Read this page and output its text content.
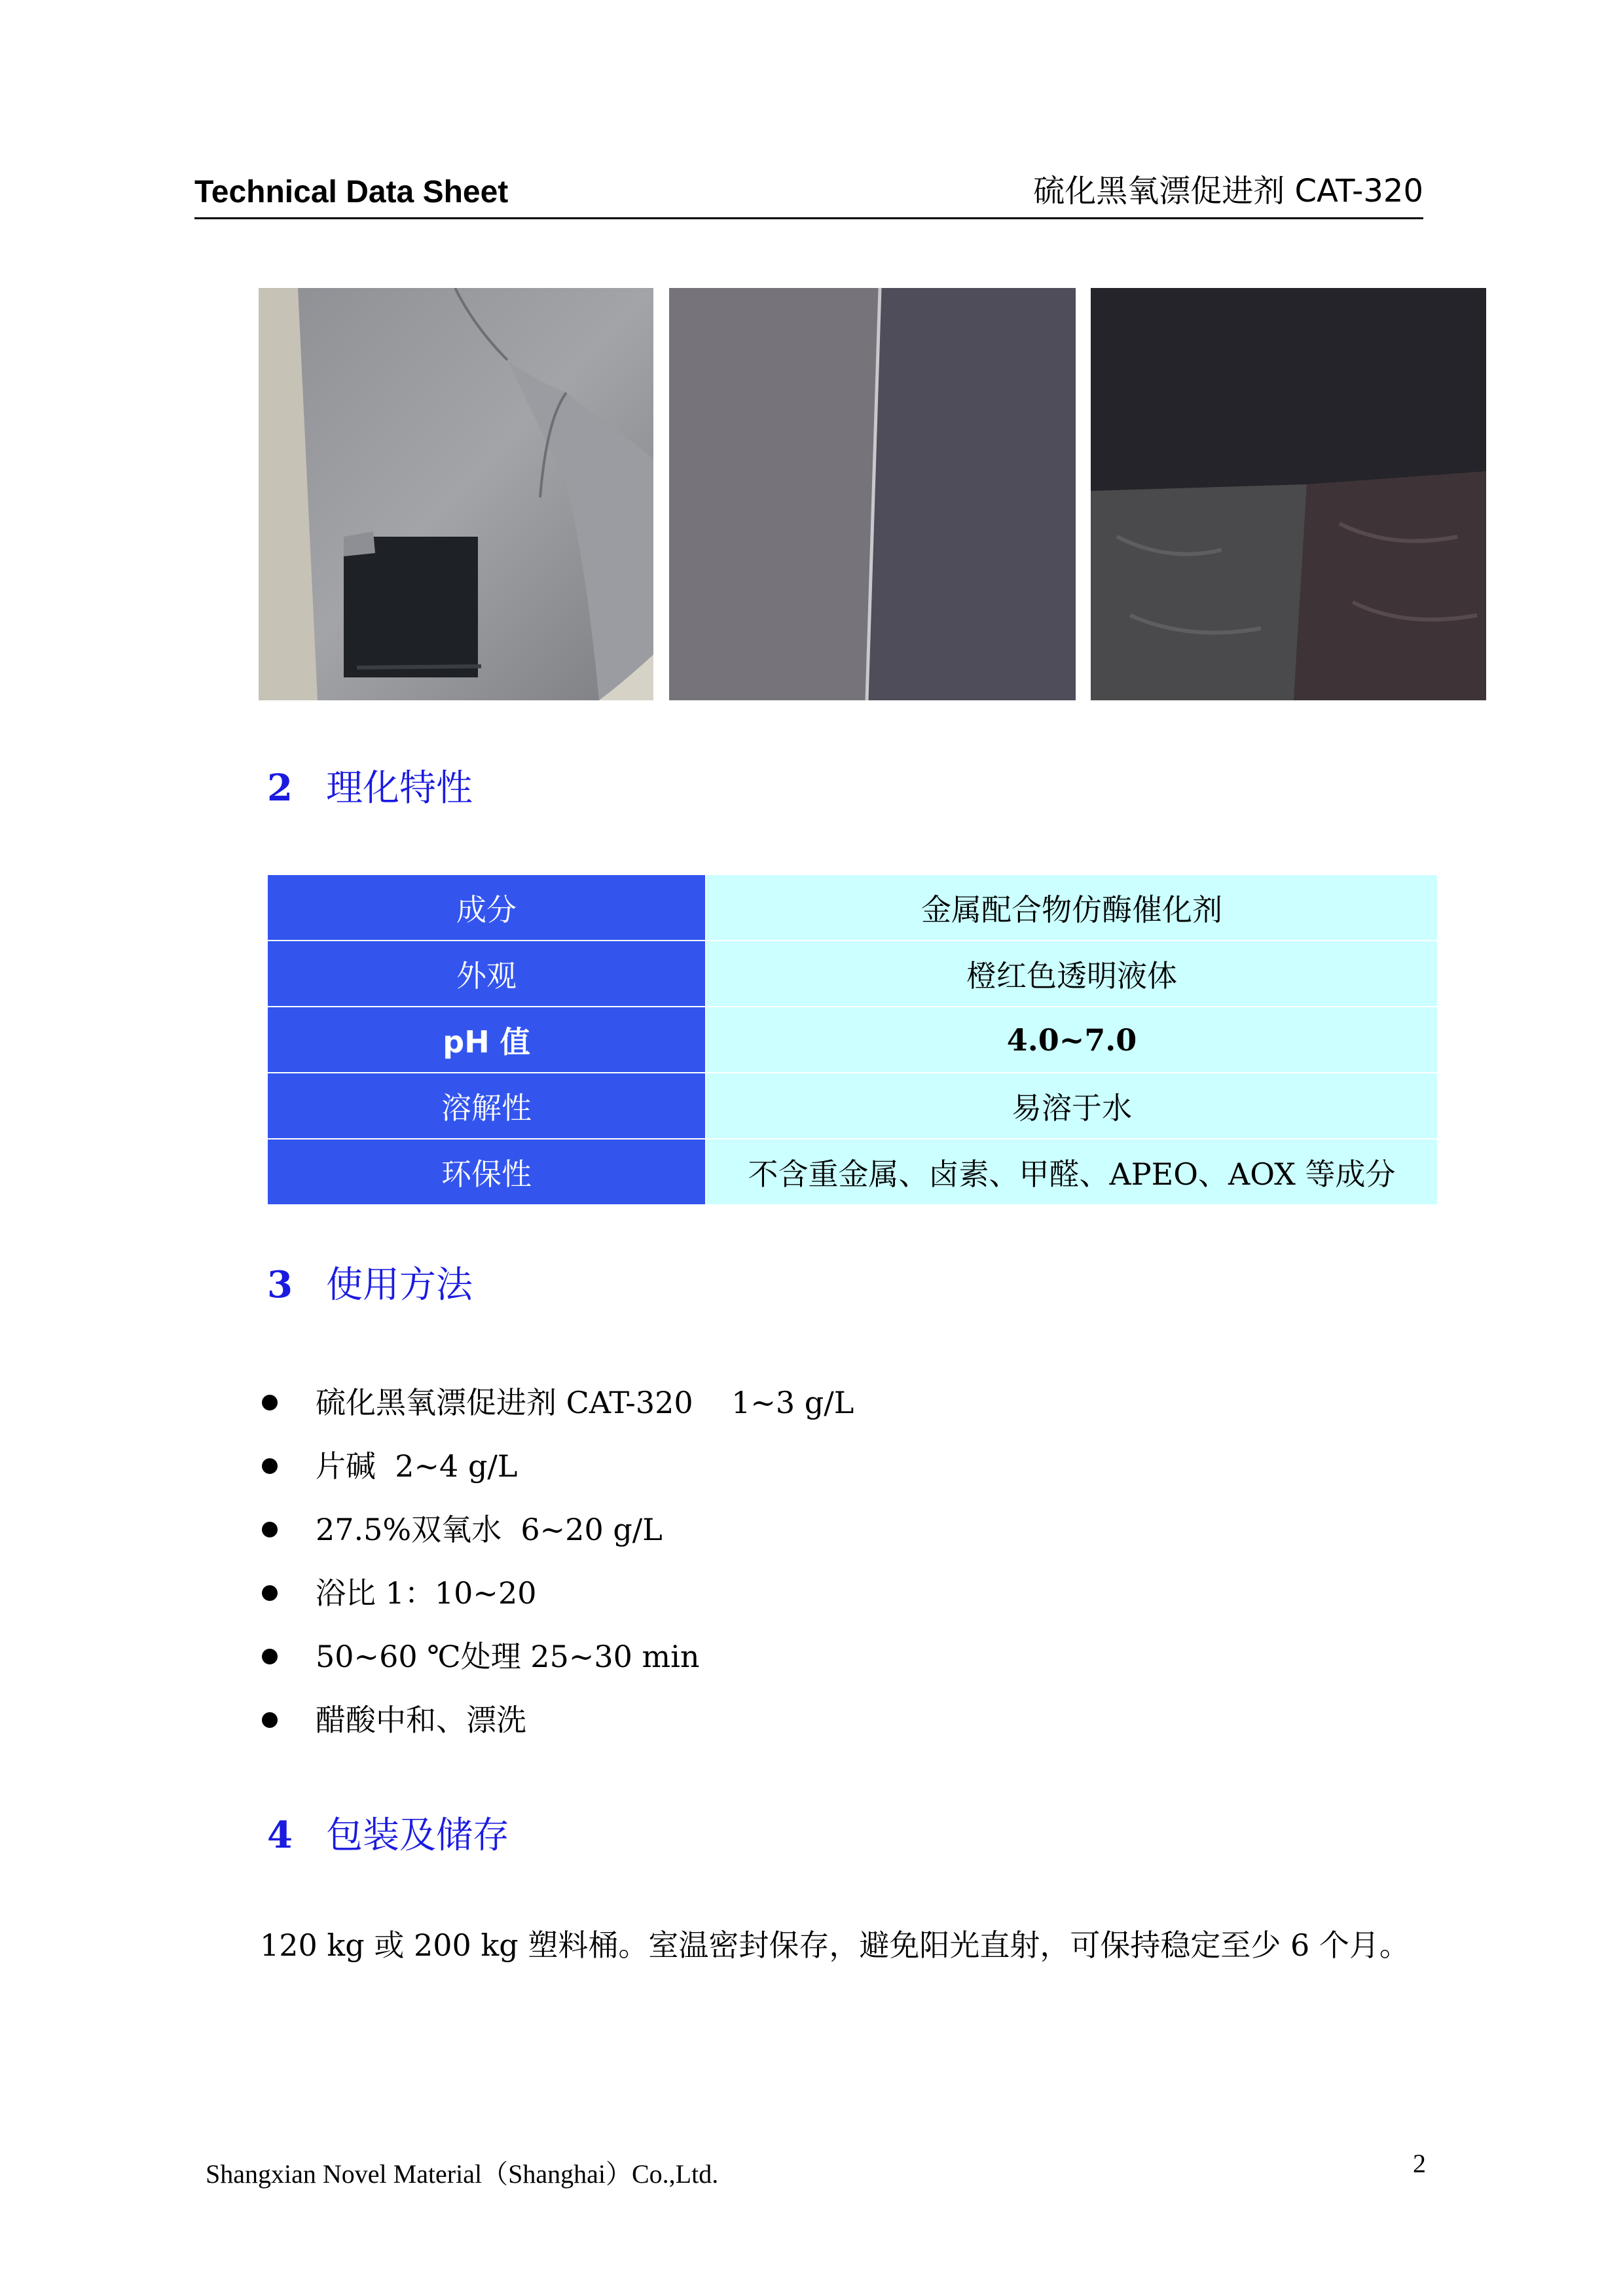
Technical Data Sheet	硫化黑氧漂促进剂 CAT-320
2 理化特性
成分	金属配合物仿酶催化剂
外观	橙红色透明液体
pH 值	4.0~7.0
溶解性	易溶于水
环保性	不含重金属、卤素、甲醛、APEO、AOX 等成分
3 使用方法
硫化黑氧漂促进剂 CAT-320    1~3 g/L
片碱  2~4 g/L
27.5%双氧水  6~20 g/L
浴比 1：10~20
50~60 ℃处理 25~30 min
醋酸中和、漂洗
4 包装及储存
120 kg 或 200 kg 塑料桶。室温密封保存，避免阳光直射，可保持稳定至少 6 个月。
Shangxian Novel Material（Shanghai）Co.,Ltd.	2
